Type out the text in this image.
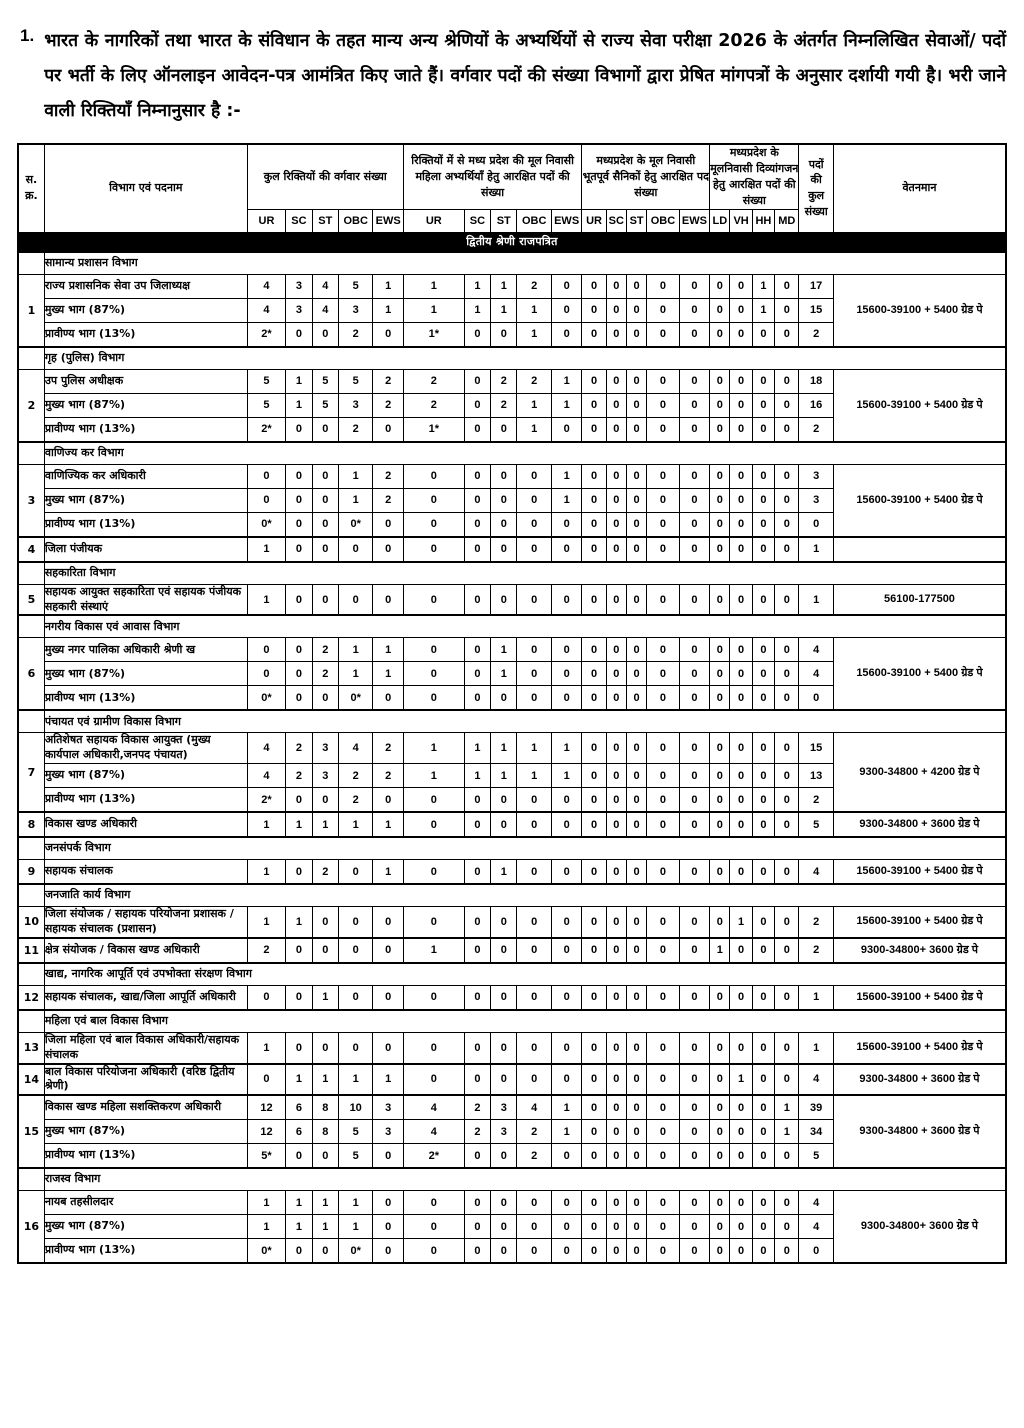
1. भारत के नागरिकों तथा भारत के संविधान के तहत मान्य अन्य श्रेणियों के अभ्यर्थियों से राज्य सेवा परीक्षा 2026 के अंतर्गत निम्नलिखित सेवाओं/ पदों पर भर्ती के लिए ऑनलाइन आवेदन-पत्र आमंत्रित किए जाते हैं। वर्गवार पदों की संख्या विभागों द्वारा प्रेषित मांगपत्रों के अनुसार दर्शायी गयी है। भरी जाने वाली रिक्तियाँ निम्नानुसार है :-
स.
क्र.	विभाग एवं पदनाम	कुल रिक्तियों की वर्गवार संख्या					रिक्तियों में से मध्य प्रदेश की मूल निवासी महिला अभ्यर्थियाँ हेतु आरक्षित पदों की संख्या					मध्यप्रदेश के मूल निवासी भूतपूर्व सैनिकों हेतु आरक्षित पद संख्या					मध्यप्रदेश के मूलनिवासी दिव्यांगजन हेतु आरक्षित पदों की संख्या				पदों
की
कुल
संख्या	वेतनमान
		UR	SC	ST	OBC	EWS	UR	SC	ST	OBC	EWS	UR	SC	ST	OBC	EWS	LD	VH	HH	MD		
द्वितीय श्रेणी राजपत्रित																						
	सामान्य प्रशासन विभाग																					
1	राज्य प्रशासनिक सेवा उप जिलाध्यक्ष	4	3	4	5	1	1	1	1	2	0	0	0	0	0	0	0	0	1	0	17	15600-39100 + 5400 ग्रेड पे
	मुख्य भाग (87%)	4	3	4	3	1	1	1	1	1	0	0	0	0	0	0	0	0	1	0	15	
	प्रावीण्य भाग (13%)	2*	0	0	2	0	1*	0	0	1	0	0	0	0	0	0	0	0	0	0	2	
	गृह (पुलिस) विभाग																					
2	उप पुलिस अधीक्षक	5	1	5	5	2	2	0	2	2	1	0	0	0	0	0	0	0	0	0	18	15600-39100 + 5400 ग्रेड पे
	मुख्य भाग (87%)	5	1	5	3	2	2	0	2	1	1	0	0	0	0	0	0	0	0	0	16	
	प्रावीण्य भाग (13%)	2*	0	0	2	0	1*	0	0	1	0	0	0	0	0	0	0	0	0	0	2	
	वाणिज्य कर विभाग																					
3	वाणिज्यिक कर अधिकारी	0	0	0	1	2	0	0	0	0	1	0	0	0	0	0	0	0	0	0	3	15600-39100 + 5400 ग्रेड पे
	मुख्य भाग (87%)	0	0	0	1	2	0	0	0	0	1	0	0	0	0	0	0	0	0	0	3	
	प्रावीण्य भाग (13%)	0*	0	0	0*	0	0	0	0	0	0	0	0	0	0	0	0	0	0	0	0	
4	जिला पंजीयक	1	0	0	0	0	0	0	0	0	0	0	0	0	0	0	0	0	0	0	1	
	सहकारिता विभाग																					
5	सहायक आयुक्त सहकारिता एवं सहायक पंजीयक सहकारी संस्थाएं	1	0	0	0	0	0	0	0	0	0	0	0	0	0	0	0	0	0	0	1	56100-177500
	नगरीय विकास एवं आवास विभाग																					
6	मुख्य नगर पालिका अधिकारी श्रेणी ख	0	0	2	1	1	0	0	1	0	0	0	0	0	0	0	0	0	0	0	4	15600-39100 + 5400 ग्रेड पे
	मुख्य भाग (87%)	0	0	2	1	1	0	0	1	0	0	0	0	0	0	0	0	0	0	0	4	
	प्रावीण्य भाग (13%)	0*	0	0	0*	0	0	0	0	0	0	0	0	0	0	0	0	0	0	0	0	
	पंचायत एवं ग्रामीण विकास विभाग																					
7	अतिशेषत सहायक विकास आयुक्त (मुख्य कार्यपाल अधिकारी,जनपद पंचायत)	4	2	3	4	2	1	1	1	1	1	0	0	0	0	0	0	0	0	0	15	9300-34800 + 4200 ग्रेड पे
	मुख्य भाग (87%)	4	2	3	2	2	1	1	1	1	1	0	0	0	0	0	0	0	0	0	13	
	प्रावीण्य भाग (13%)	2*	0	0	2	0	0	0	0	0	0	0	0	0	0	0	0	0	0	0	2	
8	विकास खण्ड अधिकारी	1	1	1	1	1	0	0	0	0	0	0	0	0	0	0	0	0	0	0	5	9300-34800 + 3600 ग्रेड पे
	जनसंपर्क विभाग																					
9	सहायक संचालक	1	0	2	0	1	0	0	1	0	0	0	0	0	0	0	0	0	0	0	4	15600-39100 + 5400 ग्रेड पे
	जनजाति कार्य विभाग																					
10	जिला संयोजक / सहायक परियोजना प्रशासक / सहायक संचालक (प्रशासन)	1	1	0	0	0	0	0	0	0	0	0	0	0	0	0	0	1	0	0	2	15600-39100 + 5400 ग्रेड पे
11	क्षेत्र संयोजक / विकास खण्ड अधिकारी	2	0	0	0	0	1	0	0	0	0	0	0	0	0	0	1	0	0	0	2	9300-34800+ 3600 ग्रेड पे
	खाद्य, नागरिक आपूर्ति एवं उपभोक्ता संरक्षण विभाग																					
12	सहायक संचालक, खाद्य/जिला आपूर्ति अधिकारी	0	0	1	0	0	0	0	0	0	0	0	0	0	0	0	0	0	0	0	1	15600-39100 + 5400 ग्रेड पे
	महिला एवं बाल विकास विभाग																					
13	जिला महिला एवं बाल विकास अधिकारी/सहायक संचालक	1	0	0	0	0	0	0	0	0	0	0	0	0	0	0	0	0	0	0	1	15600-39100 + 5400 ग्रेड पे
14	बाल विकास परियोजना अधिकारी (वरिष्ठ द्वितीय श्रेणी)	0	1	1	1	1	0	0	0	0	0	0	0	0	0	0	0	1	0	0	4	9300-34800 + 3600 ग्रेड पे
15	विकास खण्ड महिला सशक्तिकरण अधिकारी	12	6	8	10	3	4	2	3	4	1	0	0	0	0	0	0	0	0	1	39	9300-34800 + 3600 ग्रेड पे
	मुख्य भाग (87%)	12	6	8	5	3	4	2	3	2	1	0	0	0	0	0	0	0	0	1	34	
	प्रावीण्य भाग (13%)	5*	0	0	5	0	2*	0	0	2	0	0	0	0	0	0	0	0	0	0	5	
	राजस्व विभाग																					
16	नायब तहसीलदार	1	1	1	1	0	0	0	0	0	0	0	0	0	0	0	0	0	0	0	4	9300-34800+ 3600 ग्रेड पे
	मुख्य भाग (87%)	1	1	1	1	0	0	0	0	0	0	0	0	0	0	0	0	0	0	0	4	
	प्रावीण्य भाग (13%)	0*	0	0	0*	0	0	0	0	0	0	0	0	0	0	0	0	0	0	0	0	
